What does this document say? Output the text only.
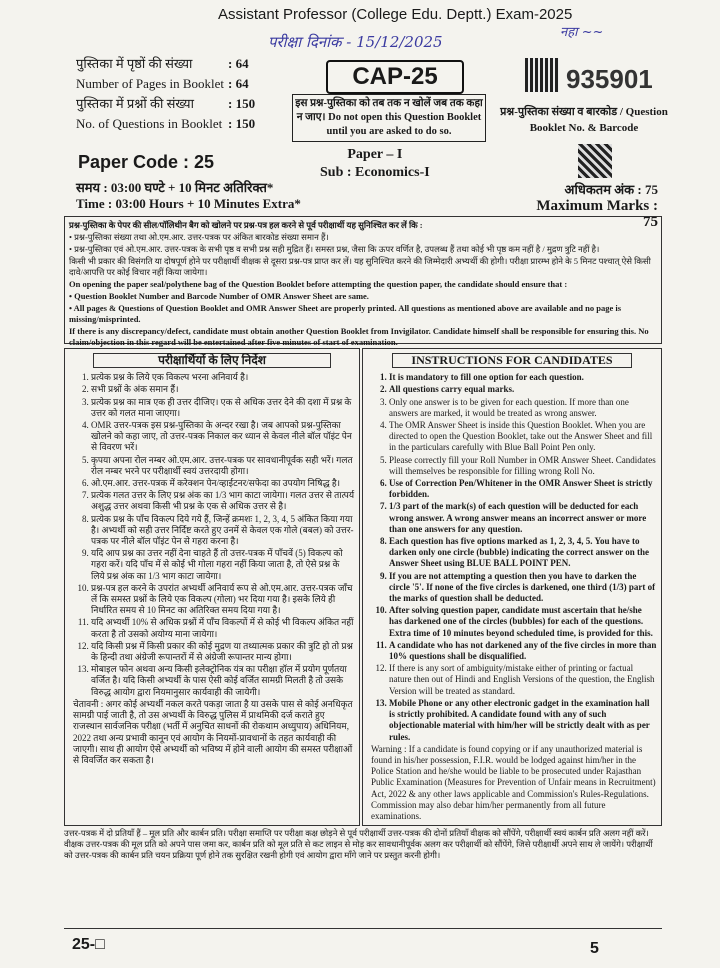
Assistant Professor (College Edu. Deptt.) Exam-2025
परीक्षा दिनांक - 15/12/2025
नहा ~~
पुस्तिका में पृष्ठों की संख्या	: 64
Number of Pages in Booklet : 64
पुस्तिका में प्रश्नों की संख्या	: 150
No. of Questions in Booklet : 150
CAP-25
इस प्रश्न-पुस्तिका को तब तक न खोलें जब तक कहा न जाए। Do not open this Question Booklet until you are asked to do so.
935901
प्रश्न-पुस्तिका संख्या व बारकोड / Question Booklet No. & Barcode
Paper Code : 25	Paper – I
Sub : Economics-I
समय : 03:00 घण्टे + 10 मिनट अतिरिक्त*
Time : 03:00 Hours + 10 Minutes Extra*
अधिकतम अंक : 75
Maximum Marks : 75

प्रश्न-पुस्तिका के पेपर की सील/पॉलिथीन बैग को खोलने पर प्रश्न-पत्र हल करने से पूर्व परीक्षार्थी यह सुनिश्चित कर लें कि :

• प्रश्न-पुस्तिका संख्या तथा ओ.एम.आर. उत्तर-पत्रक पर अंकित बारकोड संख्या समान हैं।

• प्रश्न-पुस्तिका एवं ओ.एम.आर. उत्तर-पत्रक के सभी पृष्ठ व सभी प्रश्न सही मुद्रित हैं। समस्त प्रश्न, जैसा कि ऊपर वर्णित है, उपलब्ध हैं तथा कोई भी पृष्ठ कम नहीं है / मुद्रण त्रुटि नहीं है।

किसी भी प्रकार की विसंगति या दोषपूर्ण होने पर परीक्षार्थी वीक्षक से दूसरा प्रश्न-पत्र प्राप्त कर लें। यह सुनिश्चित करने की जिम्मेदारी अभ्यर्थी की होगी। परीक्षा प्रारम्भ होने के 5 मिनट पश्चात् ऐसे किसी दावे/आपत्ति पर कोई विचार नहीं किया जायेगा।

On opening the paper seal/polythene bag of the Question Booklet before attempting the question paper, the candidate should ensure that :

• Question Booklet Number and Barcode Number of OMR Answer Sheet are same.

• All pages & Questions of Question Booklet and OMR Answer Sheet are properly printed. All questions as mentioned above are available and no page is missing/misprinted.

If there is any discrepancy/defect, candidate must obtain another Question Booklet from Invigilator. Candidate himself shall be responsible for ensuring this. No claim/objection in this regard will be entertained after five minutes of start of examination.

परीक्षार्थियों के लिए निर्देश
1. प्रत्येक प्रश्न के लिये एक विकल्प भरना अनिवार्य है।
2. सभी प्रश्नों के अंक समान हैं।
3. प्रत्येक प्रश्न का मात्र एक ही उत्तर दीजिए। एक से अधिक उत्तर देने की दशा में प्रश्न के उत्तर को गलत माना जाएगा।
4. OMR उत्तर-पत्रक इस प्रश्न-पुस्तिका के अन्दर रखा है। जब आपको प्रश्न-पुस्तिका खोलने को कहा जाए, तो उत्तर-पत्रक निकाल कर ध्यान से केवल नीले बॉल पॉइंट पेन से विवरण भरें।
5. कृपया अपना रोल नम्बर ओ.एम.आर. उत्तर-पत्रक पर सावधानीपूर्वक सही भरें। गलत रोल नम्बर भरने पर परीक्षार्थी स्वयं उत्तरदायी होगा।
6. ओ.एम.आर. उत्तर-पत्रक में करेक्शन पेन/व्हाईटनर/सफेदा का उपयोग निषिद्ध है।
7. प्रत्येक गलत उत्तर के लिए प्रश्न अंक का 1/3 भाग काटा जायेगा। गलत उत्तर से तात्पर्य अशुद्ध उत्तर अथवा किसी भी प्रश्न के एक से अधिक उत्तर से है।
8. प्रत्येक प्रश्न के पाँच विकल्प दिये गये हैं, जिन्हें क्रमशः 1, 2, 3, 4, 5 अंकित किया गया है। अभ्यर्थी को सही उत्तर निर्दिष्ट करते हुए उनमें से केवल एक गोले (बबल) को उत्तर-पत्रक पर नीले बॉल पॉइंट पेन से गहरा करना है।
9. यदि आप प्रश्न का उत्तर नहीं देना चाहते हैं तो उत्तर-पत्रक में पाँचवें (5) विकल्प को गहरा करें। यदि पाँच में से कोई भी गोला गहरा नहीं किया जाता है, तो ऐसे प्रश्न के लिये प्रश्न अंक का 1/3 भाग काटा जायेगा।
10. प्रश्न-पत्र हल करने के उपरांत अभ्यर्थी अनिवार्य रूप से ओ.एम.आर. उत्तर-पत्रक जाँच लें कि समस्त प्रश्नों के लिये एक विकल्प (गोला) भर दिया गया है। इसके लिये ही निर्धारित समय से 10 मिनट का अतिरिक्त समय दिया गया है।
11. यदि अभ्यर्थी 10% से अधिक प्रश्नों में पाँच विकल्पों में से कोई भी विकल्प अंकित नहीं करता है तो उसको अयोग्य माना जायेगा।
12. यदि किसी प्रश्न में किसी प्रकार की कोई मुद्रण या तथ्यात्मक प्रकार की त्रुटि हो तो प्रश्न के हिन्दी तथा अंग्रेजी रूपान्तरों में से अंग्रेजी रूपान्तर मान्य होगा।
13. मोबाइल फोन अथवा अन्य किसी इलेक्ट्रोनिक यंत्र का परीक्षा हॉल में प्रयोग पूर्णतया वर्जित है। यदि किसी अभ्यर्थी के पास ऐसी कोई वर्जित सामग्री मिलती है तो उसके विरुद्ध आयोग द्वारा नियमानुसार कार्यवाही की जायेगी।
चेतावनी : अगर कोई अभ्यर्थी नकल करते पकड़ा जाता है या उसके पास से कोई अनधिकृत सामग्री पाई जाती है, तो उस अभ्यर्थी के विरुद्ध पुलिस में प्राथमिकी दर्ज कराते हुए राजस्थान सार्वजनिक परीक्षा (भर्ती में अनुचित साधनों की रोकथाम अध्युपाय) अधिनियम, 2022 तथा अन्य प्रभावी कानून एवं आयोग के नियमों-प्रावधानों के तहत कार्यवाही की जाएगी। साथ ही आयोग ऐसे अभ्यर्थी को भविष्य में होने वाली आयोग की समस्त परीक्षाओं से विवर्जित कर सकता है।
INSTRUCTIONS FOR CANDIDATES
1. It is mandatory to fill one option for each question.
2. All questions carry equal marks.
3. Only one answer is to be given for each question. If more than one answers are marked, it would be treated as wrong answer.
4. The OMR Answer Sheet is inside this Question Booklet. When you are directed to open the Question Booklet, take out the Answer Sheet and fill in the particulars carefully with Blue Ball Point Pen only.
5. Please correctly fill your Roll Number in OMR Answer Sheet. Candidates will themselves be responsible for filling wrong Roll No.
6. Use of Correction Pen/Whitener in the OMR Answer Sheet is strictly forbidden.
7. 1/3 part of the mark(s) of each question will be deducted for each wrong answer. A wrong answer means an incorrect answer or more than one answers for any question.
8. Each question has five options marked as 1, 2, 3, 4, 5. You have to darken only one circle (bubble) indicating the correct answer on the Answer Sheet using BLUE BALL POINT PEN.
9. If you are not attempting a question then you have to darken the circle '5'. If none of the five circles is darkened, one third (1/3) part of the marks of question shall be deducted.
10. After solving question paper, candidate must ascertain that he/she has darkened one of the circles (bubbles) for each of the questions. Extra time of 10 minutes beyond scheduled time, is provided for this.
11. A candidate who has not darkened any of the five circles in more than 10% questions shall be disqualified.
12. If there is any sort of ambiguity/mistake either of printing or factual nature then out of Hindi and English Versions of the question, the English Version will be treated as standard.
13. Mobile Phone or any other electronic gadget in the examination hall is strictly prohibited. A candidate found with any of such objectionable material with him/her will be strictly dealt with as per rules.
Warning : If a candidate is found copying or if any unauthorized material is found in his/her possession, F.I.R. would be lodged against him/her in the Police Station and he/she would be liable to be prosecuted under Rajasthan Public Examination (Measures for Prevention of Unfair means in Recruitment) Act, 2022 & any other laws applicable and Commission's Rules-Regulations. Commission may also debar him/her permanently from all future examinations.
उत्तर-पत्रक में दो प्रतियाँ हैं – मूल प्रति और कार्बन प्रति। परीक्षा समाप्ति पर परीक्षा कक्ष छोड़ने से पूर्व परीक्षार्थी उत्तर-पत्रक की दोनों प्रतियाँ वीक्षक को सौंपेंगे, परीक्षार्थी स्वयं कार्बन प्रति अलग नहीं करें। वीक्षक उत्तर-पत्रक की मूल प्रति को अपने पास जमा कर, कार्बन प्रति को मूल प्रति से कट लाइन से मोड़ कर सावधानीपूर्वक अलग कर परीक्षार्थी को सौंपेंगे, जिसे परीक्षार्थी अपने साथ ले जायेंगे। परीक्षार्थी को उत्तर-पत्रक की कार्बन प्रति चयन प्रक्रिया पूर्ण होने तक सुरक्षित रखनी होगी एवं आयोग द्वारा माँगे जाने पर प्रस्तुत करनी होगी।
25-□	5
